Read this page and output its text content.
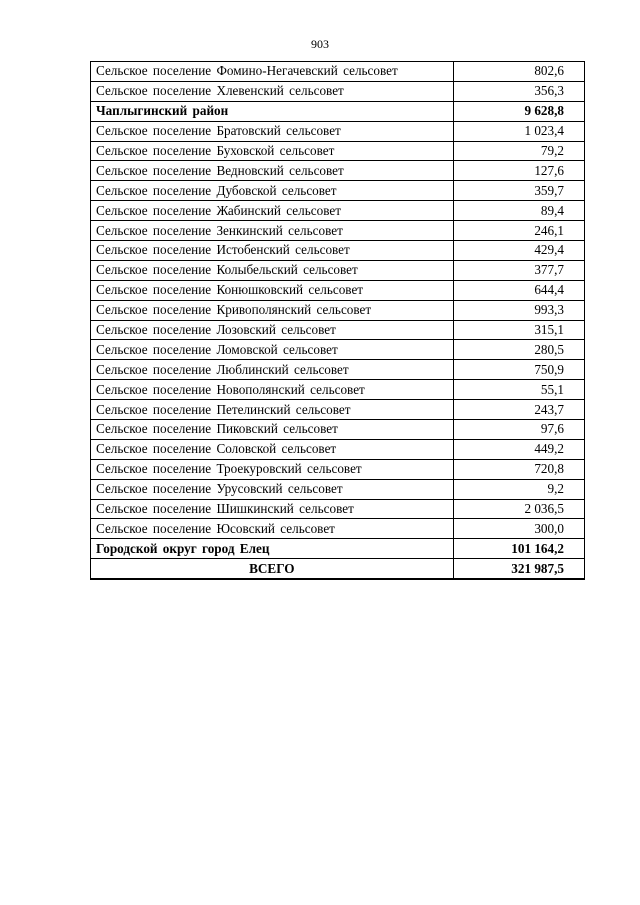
903
Сельское поселение Фомино-Негачевский сельсовет	802,6
Сельское поселение Хлевенский сельсовет	356,3
Чаплыгинский район	9 628,8
Сельское поселение Братовский сельсовет	1 023,4
Сельское поселение Буховской сельсовет	79,2
Сельское поселение Ведновский сельсовет	127,6
Сельское поселение Дубовской сельсовет	359,7
Сельское поселение Жабинский сельсовет	89,4
Сельское поселение Зенкинский сельсовет	246,1
Сельское поселение Истобенский сельсовет	429,4
Сельское поселение Колыбельский сельсовет	377,7
Сельское поселение Конюшковский сельсовет	644,4
Сельское поселение Кривополянский сельсовет	993,3
Сельское поселение Лозовский сельсовет	315,1
Сельское поселение Ломовской сельсовет	280,5
Сельское поселение Люблинский сельсовет	750,9
Сельское поселение Новополянский сельсовет	55,1
Сельское поселение Петелинский сельсовет	243,7
Сельское поселение Пиковский сельсовет	97,6
Сельское поселение Соловской сельсовет	449,2
Сельское поселение Троекуровский сельсовет	720,8
Сельское поселение Урусовский сельсовет	9,2
Сельское поселение Шишкинский сельсовет	2 036,5
Сельское поселение Юсовский сельсовет	300,0
Городской округ город Елец	101 164,2
ВСЕГО	321 987,5
